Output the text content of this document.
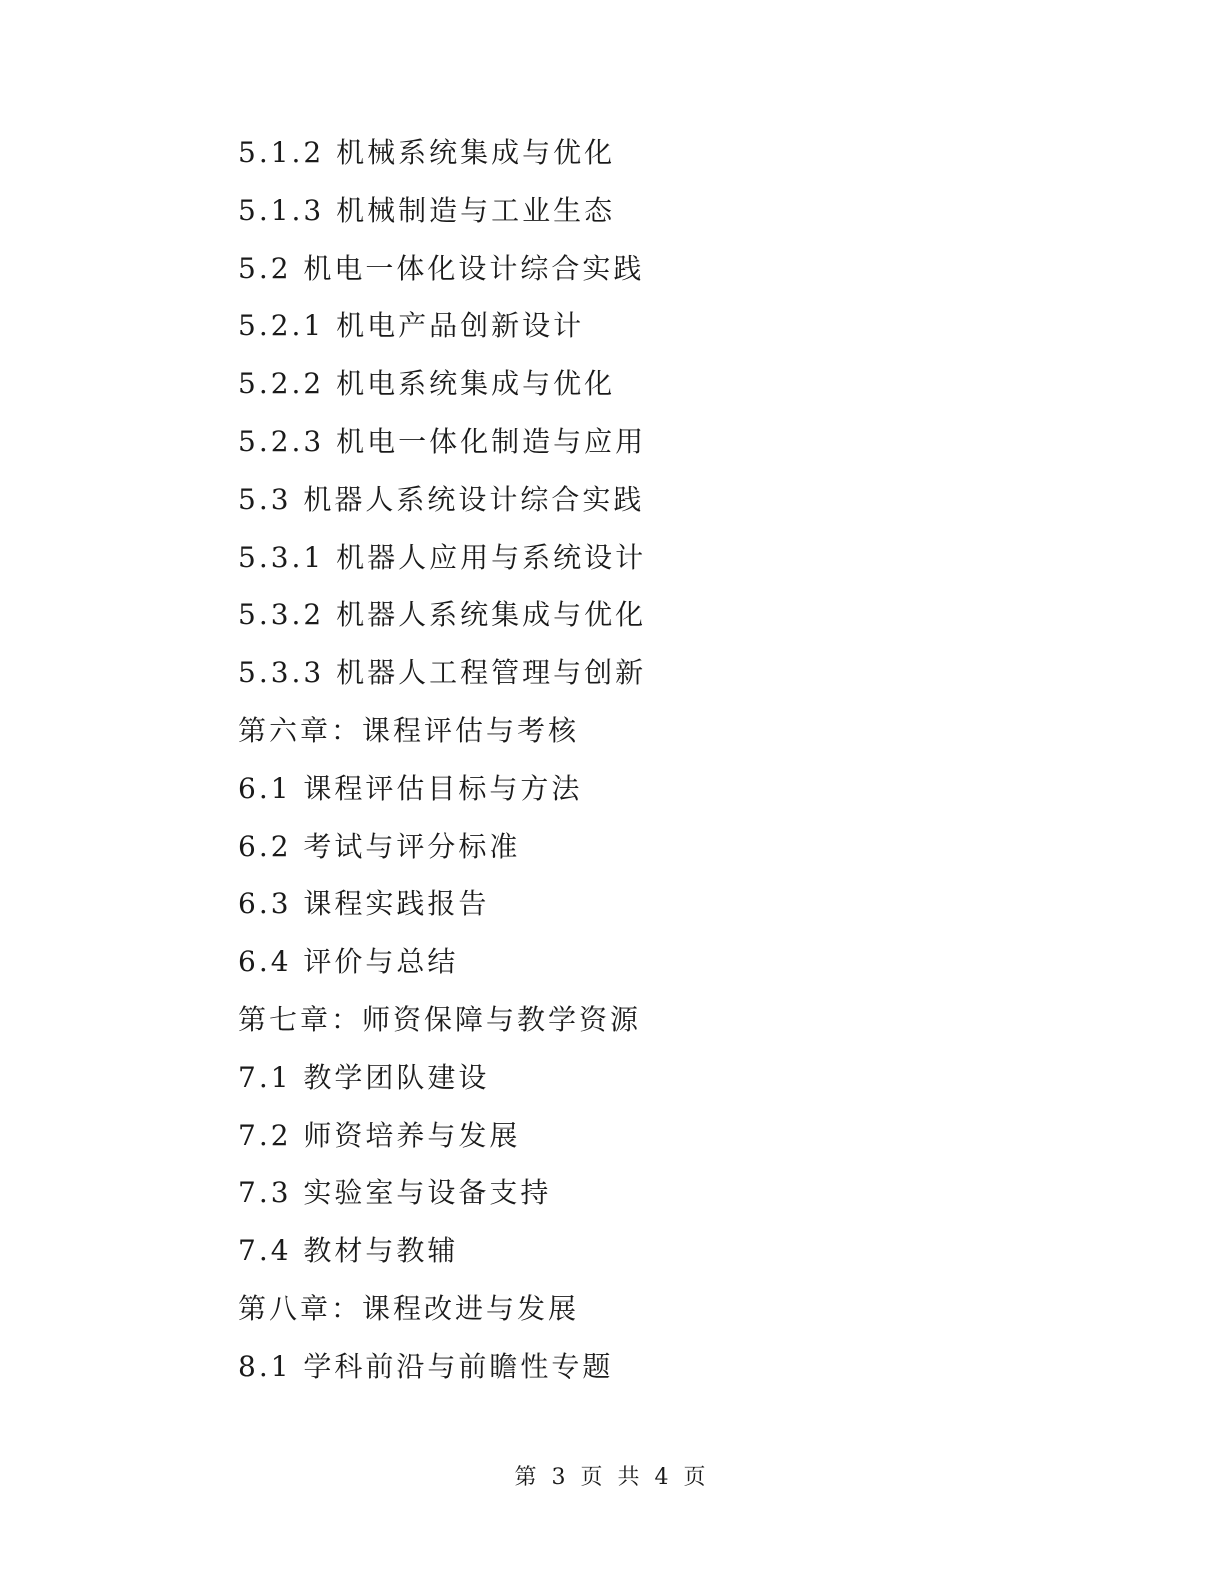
5.1.2 机械系统集成与优化
5.1.3 机械制造与工业生态
5.2 机电一体化设计综合实践
5.2.1 机电产品创新设计
5.2.2 机电系统集成与优化
5.2.3 机电一体化制造与应用
5.3 机器人系统设计综合实践
5.3.1 机器人应用与系统设计
5.3.2 机器人系统集成与优化
5.3.3 机器人工程管理与创新
第六章：课程评估与考核
6.1 课程评估目标与方法
6.2 考试与评分标准
6.3 课程实践报告
6.4 评价与总结
第七章：师资保障与教学资源
7.1 教学团队建设
7.2 师资培养与发展
7.3 实验室与设备支持
7.4 教材与教辅
第八章：课程改进与发展
8.1 学科前沿与前瞻性专题
第 3 页 共 4 页
